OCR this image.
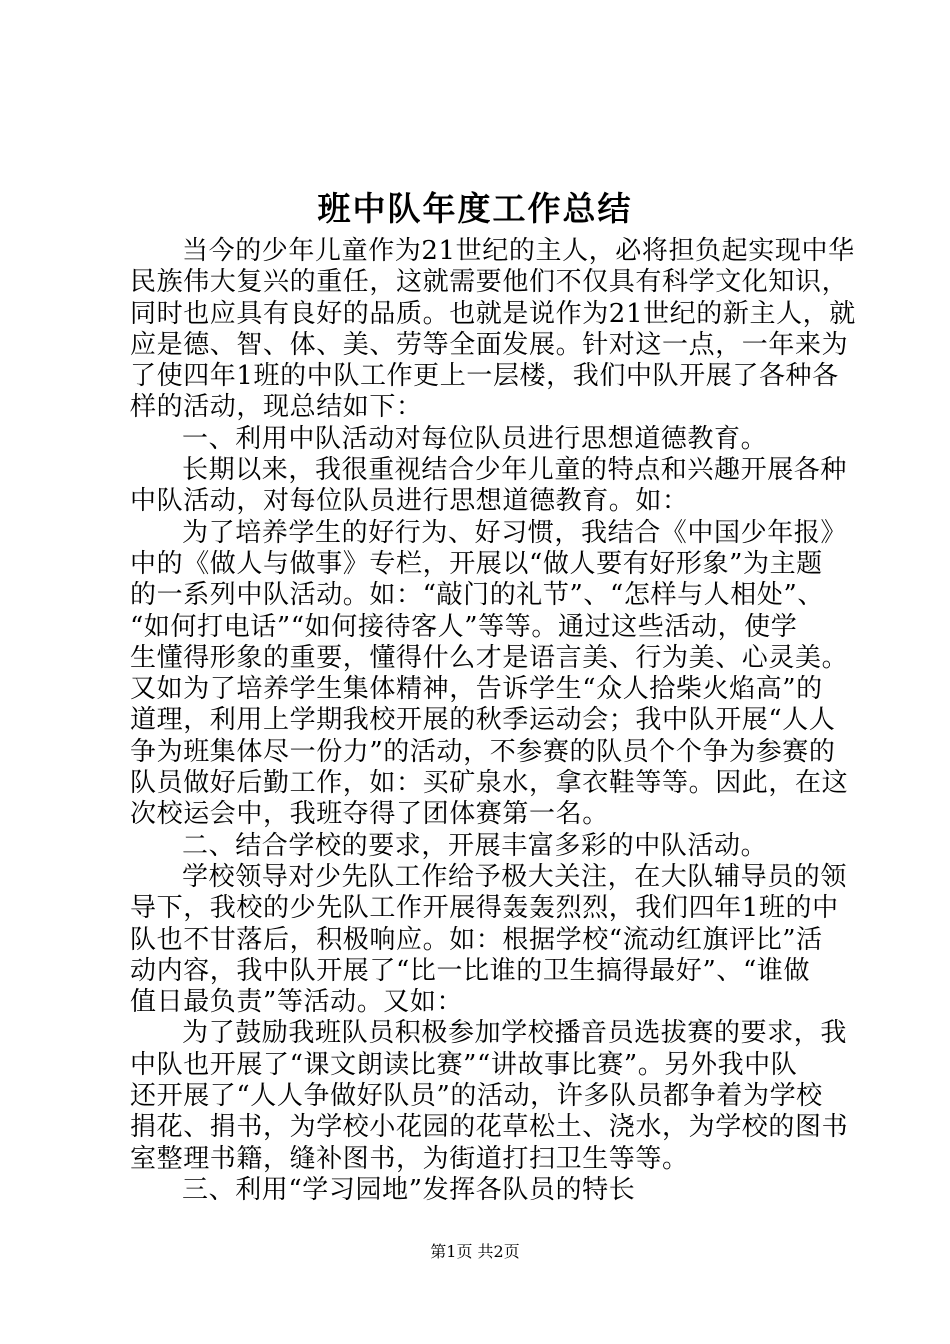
班中队年度工作总结
当今的少年儿童作为21世纪的主人，必将担负起实现中华
民族伟大复兴的重任，这就需要他们不仅具有科学文化知识，
同时也应具有良好的品质。也就是说作为21世纪的新主人，就
应是德、智、体、美、劳等全面发展。针对这一点，一年来为
了使四年1班的中队工作更上一层楼，我们中队开展了各种各
样的活动，现总结如下：
一、利用中队活动对每位队员进行思想道德教育。
长期以来，我很重视结合少年儿童的特点和兴趣开展各种
中队活动，对每位队员进行思想道德教育。如：
为了培养学生的好行为、好习惯，我结合《中国少年报》
中的《做人与做事》专栏，开展以“做人要有好形象”为主题
的一系列中队活动。如：“敲门的礼节”、“怎样与人相处”、
“如何打电话”“如何接待客人”等等。通过这些活动，使学
生懂得形象的重要，懂得什么才是语言美、行为美、心灵美。
又如为了培养学生集体精神，告诉学生“众人拾柴火焰高”的
道理，利用上学期我校开展的秋季运动会；我中队开展“人人
争为班集体尽一份力”的活动，不参赛的队员个个争为参赛的
队员做好后勤工作，如：买矿泉水，拿衣鞋等等。因此，在这
次校运会中，我班夺得了团体赛第一名。
二、结合学校的要求，开展丰富多彩的中队活动。
学校领导对少先队工作给予极大关注，在大队辅导员的领
导下，我校的少先队工作开展得轰轰烈烈，我们四年1班的中
队也不甘落后，积极响应。如：根据学校“流动红旗评比”活
动内容，我中队开展了“比一比谁的卫生搞得最好”、“谁做
值日最负责”等活动。又如：
为了鼓励我班队员积极参加学校播音员选拔赛的要求，我
中队也开展了“课文朗读比赛”“讲故事比赛”。另外我中队
还开展了“人人争做好队员”的活动，许多队员都争着为学校
捐花、捐书，为学校小花园的花草松土、浇水，为学校的图书
室整理书籍，缝补图书，为街道打扫卫生等等。
三、利用“学习园地”发挥各队员的特长
第1页 共2页
